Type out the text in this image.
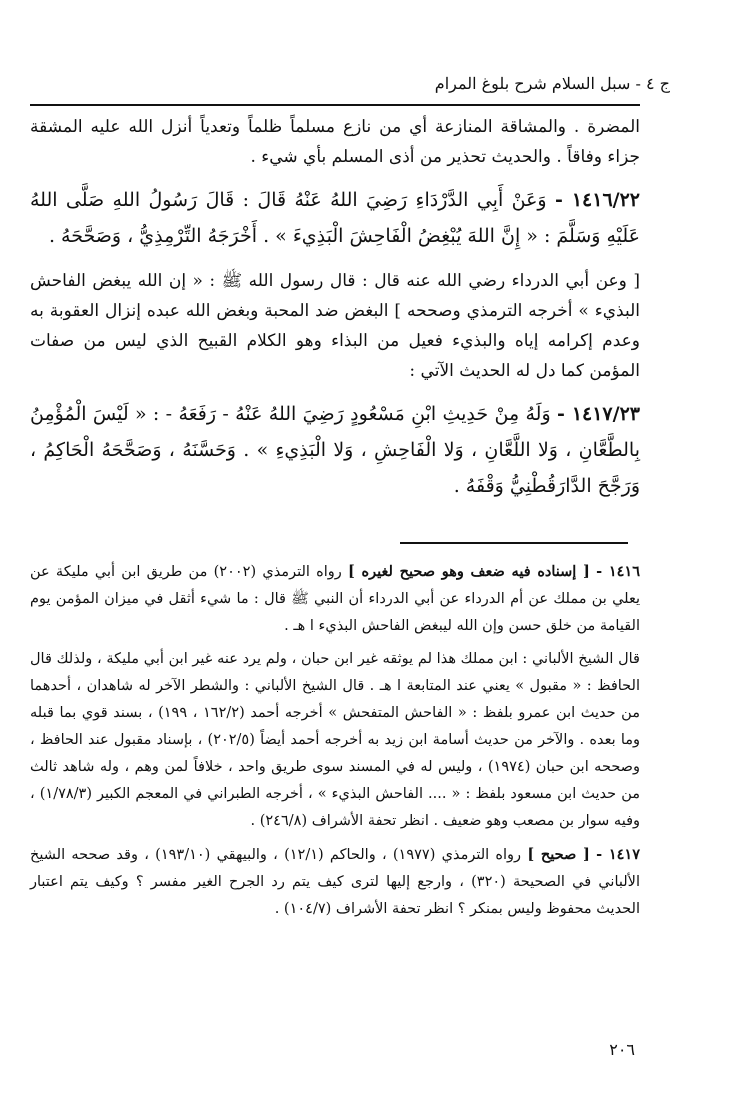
ج ٤ - سبل السلام شرح بلوغ المرام

المضرة . والمشاقة المنازعة أي من نازع مسلماً ظلماً وتعدياً أنزل الله عليه المشقة جزاء وفاقاً . والحديث تحذير من أذى المسلم بأي شيء .

١٤١٦/٢٢ - وَعَنْ أَبِي الدَّرْدَاءِ رَضِيَ اللهُ عَنْهُ قَالَ : قَالَ رَسُولُ اللهِ صَلَّى اللهُ عَلَيْهِ وَسَلَّمَ : « إِنَّ اللهَ يُبْغِضُ الْفَاحِشَ الْبَذِيءَ » . أَخْرَجَهُ التِّرْمِذِيُّ ، وَصَحَّحَهُ .

[ وعن أبي الدرداء رضي الله عنه قال : قال رسول الله ﷺ : « إن الله يبغض الفاحش البذيء » أخرجه الترمذي وصححه ] البغض ضد المحبة وبغض الله عبده إنزال العقوبة به وعدم إكرامه إياه والبذيء فعيل من البذاء وهو الكلام القبيح الذي ليس من صفات المؤمن كما دل له الحديث الآتي :

١٤١٧/٢٣ - وَلَهُ مِنْ حَدِيثِ ابْنِ مَسْعُودٍ رَضِيَ اللهُ عَنْهُ - رَفَعَهُ - : « لَيْسَ الْمُؤْمِنُ بِالطَّعَّانِ ، وَلا اللَّعَّانِ ، وَلا الْفَاحِشِ ، وَلا الْبَذِيءِ » . وَحَسَّنَهُ ، وَصَحَّحَهُ الْحَاكِمُ ، وَرَجَّحَ الدَّارَقُطْنِيُّ وَقْفَهُ .

١٤١٦ - [ إسناده فيه ضعف وهو صحيح لغيره ] رواه الترمذي (٢٠٠٢) من طريق ابن أبي مليكة عن يعلي بن مملك عن أم الدرداء عن أبي الدرداء أن النبي ﷺ قال : ما شيء أثقل في ميزان المؤمن يوم القيامة من خلق حسن وإن الله ليبغض الفاحش البذيء ا هـ .

قال الشيخ الألباني : ابن مملك هذا لم يوثقه غير ابن حبان ، ولم يرد عنه غير ابن أبي مليكة ، ولذلك قال الحافظ : « مقبول » يعني عند المتابعة ا هـ . قال الشيخ الألباني : والشطر الآخر له شاهدان ، أحدهما من حديث ابن عمرو بلفظ : « الفاحش المتفحش » أخرجه أحمد (١٦٢/٢ ، ١٩٩) ، بسند قوي بما قبله وما بعده . والآخر من حديث أسامة ابن زيد به أخرجه أحمد أيضاً (٢٠٢/٥) ، بإسناد مقبول عند الحافظ ، وصححه ابن حبان (١٩٧٤) ، وليس له في المسند سوى طريق واحد ، خلافاً لمن وهم ، وله شاهد ثالث من حديث ابن مسعود بلفظ : « .... الفاحش البذيء » ، أخرجه الطبراني في المعجم الكبير (١/٧٨/٣) ، وفيه سوار بن مصعب وهو ضعيف . انظر تحفة الأشراف (٢٤٦/٨) .

١٤١٧ - [ صحيح ] رواه الترمذي (١٩٧٧) ، والحاكم (١٢/١) ، والبيهقي (١٩٣/١٠) ، وقد صححه الشيخ الألباني في الصحيحة (٣٢٠) ، وارجع إليها لترى كيف يتم رد الجرح الغير مفسر ؟ وكيف يتم اعتبار الحديث محفوظ وليس بمنكر ؟ انظر تحفة الأشراف (١٠٤/٧) .

٢٠٦
